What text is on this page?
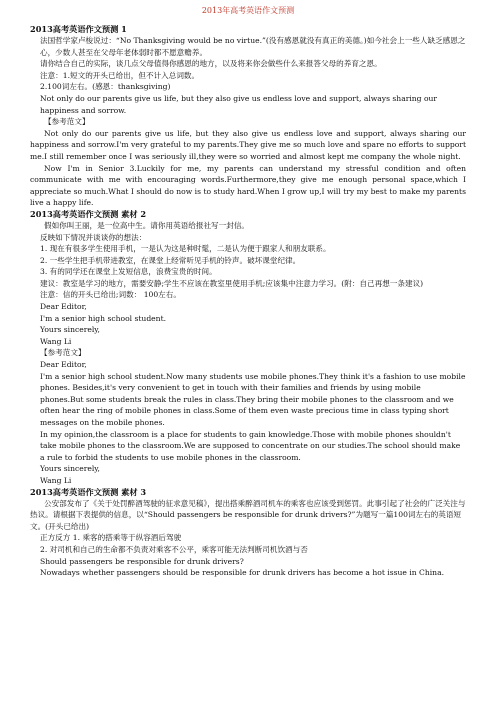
2013年高考英语作文预测
2013高考英语作文预测 1

法国哲学家卢梭说过：“No Thanksgiving would be no virtue.”(没有感恩就没有真正的美德。)如今社会上一些人缺乏感恩之心，少数人甚至在父母年老体弱时都不愿意赡养。

请你结合自己的实际，谈几点父母值得你感恩的地方，以及将来你会做些什么来报答父母的养育之恩。

注意：1.短文的开头已给出，但不计入总词数。

2.100词左右。(感恩：thanksgiving)

Not only do our parents give us life, but they also give us endless love and support, always sharing our happiness and sorrow.

【参考范文】

Not only do our parents give us life, but they also give us endless love and support, always sharing our happiness and sorrow.I'm very grateful to my parents.They give me so much love and spare no efforts to support me.I still remember once I was seriously ill,they were so worried and almost kept me company the whole night.

Now I'm in Senior 3.Luckily for me, my parents can understand my stressful condition and often communicate with me with encouraging words.Furthermore,they give me enough personal space,which I appreciate so much.What I should do now is to study hard.When I grow up,I will try my best to make my parents live a happy life.

2013高考英语作文预测 素材 2

假如你叫王丽，是一位高中生。请你用英语给报社写一封信。

反映如下情况并谈谈你的想法：

1. 现在有很多学生使用手机，一是认为这是种时髦，二是认为便于跟家人和朋友联系。

2. 一些学生把手机带进教室，在课堂上经常听见手机的铃声。破坏课堂纪律。

3. 有的同学还在课堂上发短信息，浪费宝贵的时间。

建议：教室是学习的地方，需要安静;学生不应该在教室里使用手机;应该集中注意力学习。(附：自己再想一条建议)

注意：信的开头已给出;词数： 100左右。

Dear Editor,

I'm a senior high school student.

Yours sincerely,

Wang Li

【参考范文】

Dear Editor,

I'm a senior high school student.Now many students use mobile phones.They think it's a fashion to use mobile phones. Besides,it's very convenient to get in touch with their families and friends by using mobile phones.But some students break the rules in class.They bring their mobile phones to the classroom and we often hear the ring of mobile phones in class.Some of them even waste precious time in class typing short messages on the mobile phones.

In my opinion,the classroom is a place for students to gain knowledge.Those with mobile phones shouldn't take mobile phones to the classroom.We are supposed to concentrate on our studies.The school should make a rule to forbid the students to use mobile phones in the classroom.

Yours sincerely,

Wang Li

2013高考英语作文预测 素材 3

公安部发布了《关于处罚醉酒驾驶的征求意见稿》，提出搭乘醉酒司机车的乘客也应该受到惩罚。此事引起了社会的广泛关注与热议。请根据下表提供的信息，以“Should passengers be responsible for drunk drivers?”为题写一篇100词左右的英语短文。(开头已给出)

正方反方 1. 乘客的搭乘等于纵容酒后驾驶

2. 对司机和自己的生命都不负责对乘客不公平，乘客可能无法判断司机饮酒与否

Should passengers be responsible for drunk drivers?

Nowadays whether passengers should be responsible for drunk drivers has become a hot issue in China.
